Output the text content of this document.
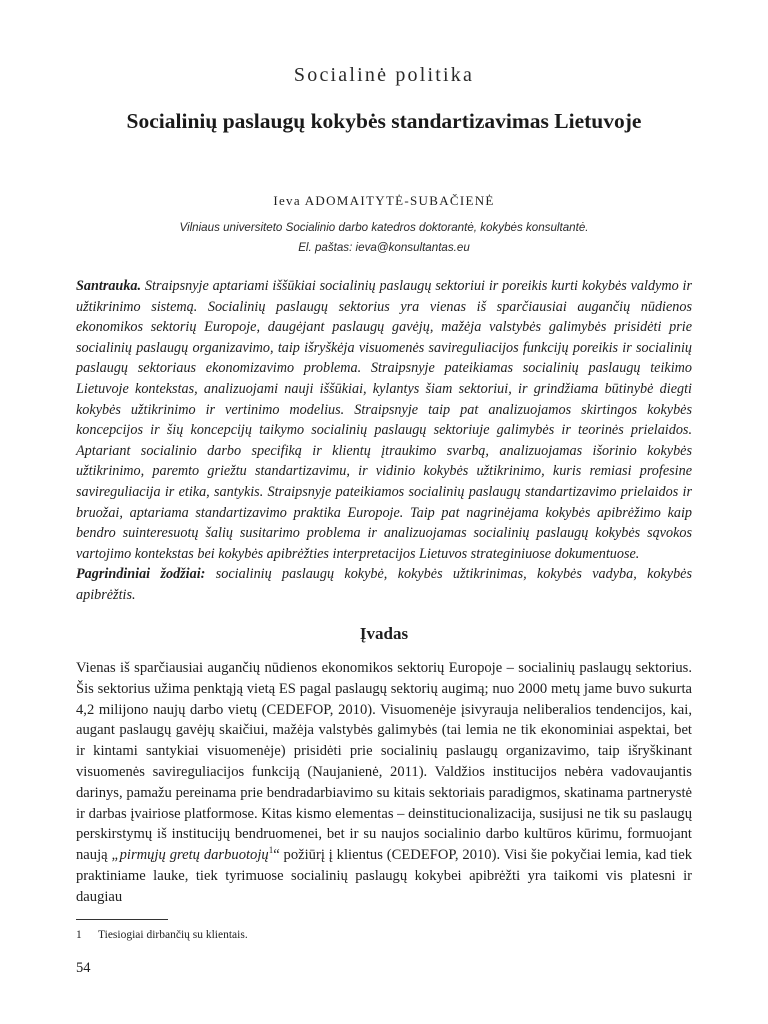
Socialinė politika
Socialinių paslaugų kokybės standartizavimas Lietuvoje
Ieva ADOMAITYTĖ-SUBAČIENĖ
Vilniaus universiteto Socialinio darbo katedros doktorantė, kokybės konsultantė.
El. paštas: ieva@konsultantas.eu

Santrauka. Straipsnyje aptariami iššūkiai socialinių paslaugų sektoriui ir poreikis kurti kokybės valdymo ir užtikrinimo sistemą. Socialinių paslaugų sektorius yra vienas iš sparčiausiai augančių nūdienos ekonomikos sektorių Europoje, daugėjant paslaugų gavėjų, mažėja valstybės galimybės prisidėti prie socialinių paslaugų organizavimo, taip išryškėja visuomenės savireguliacijos funkcijų poreikis ir socialinių paslaugų sektoriaus ekonomizavimo problema. Straipsnyje pateikiamas socialinių paslaugų teikimo Lietuvoje kontekstas, analizuojami nauji iššūkiai, kylantys šiam sektoriui, ir grindžiama būtinybė diegti kokybės užtikrinimo ir vertinimo modelius. Straipsnyje taip pat analizuojamos skirtingos kokybės koncepcijos ir šių koncepcijų taikymo socialinių paslaugų sektoriuje galimybės ir teorinės prielaidos. Aptariant socialinio darbo specifiką ir klientų įtraukimo svarbą, analizuojamas išorinio kokybės užtikrinimo, paremto griežtu standartizavimu, ir vidinio kokybės užtikrinimo, kuris remiasi profesine savireguliacija ir etika, santykis. Straipsnyje pateikiamos socialinių paslaugų standartizavimo prielaidos ir bruožai, aptariama standartizavimo praktika Europoje. Taip pat nagrinėjama kokybės apibrėžimo kaip bendro suinteresuotų šalių susitarimo problema ir analizuojamas socialinių paslaugų kokybės sąvokos vartojimo kontekstas bei kokybės apibrėžties interpretacijos Lietuvos strateginiuose dokumentuose.

Pagrindiniai žodžiai: socialinių paslaugų kokybė, kokybės užtikrinimas, kokybės vadyba, kokybės apibrėžtis.

Įvadas

Vienas iš sparčiausiai augančių nūdienos ekonomikos sektorių Europoje – socialinių paslaugų sektorius. Šis sektorius užima penktąją vietą ES pagal paslaugų sektorių augimą; nuo 2000 metų jame buvo sukurta 4,2 milijono naujų darbo vietų (CEDEFOP, 2010). Visuomenėje įsivyrauja neliberalios tendencijos, kai, augant paslaugų gavėjų skaičiui, mažėja valstybės galimybės (tai lemia ne tik ekonominiai aspektai, bet ir kintami santykiai visuomenėje) prisidėti prie socialinių paslaugų organizavimo, taip išryškinant visuomenės savireguliacijos funkciją (Naujanienė, 2011). Valdžios institucijos nebėra vadovaujantis darinys, pamažu pereinama prie bendradarbiavimo su kitais sektoriais paradigmos, skatinama partnerystė ir darbas įvairiose platformose. Kitas kismo elementas – deinstitucionalizacija, susijusi ne tik su paslaugų perskirstymų iš institucijų bendruomenei, bet ir su naujos socialinio darbo kultūros kūrimu, formuojant naują „pirmųjų gretų darbuotojų$^1$“ požiūrį į klientus (CEDEFOP, 2010). Visi šie pokyčiai lemia, kad tiek praktiniame lauke, tiek tyrimuose socialinių paslaugų kokybei apibrėžti yra taikomi vis platesni ir daugiau

1 Tiesiogiai dirbančių su klientais.
54
